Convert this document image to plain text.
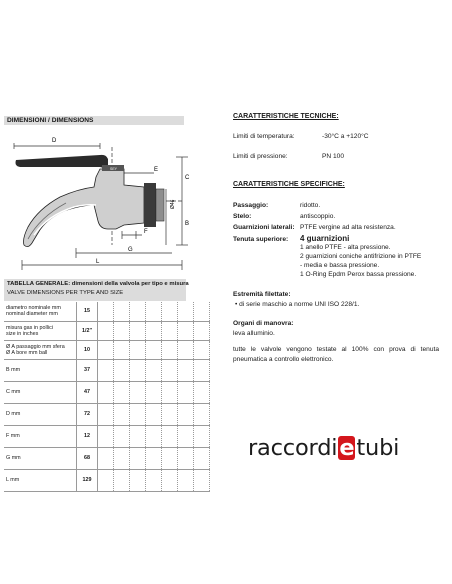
DIMENSIONI / DIMENSIONS
SEY
D
E
C
B
F
G
L
Ø46
TABELLA GENERALE: dimensioni della valvola per tipo e misura
VALVE DIMENSIONS PER TYPE AND SIZE
diametro nominale mm
nominal diameter mm	15							

misura gas in pollici
size in inches	1/2"							

Ø A passaggio mm sfera
Ø A bore mm ball	10							
B mm	37							
C mm	47							
D mm	72							
F mm	12							
G mm	68							
L mm	129							
CARATTERISTICHE TECNICHE:
Limiti di temperatura:	-30°C a +120°C
Limiti di pressione:	PN 100
CARATTERISTICHE SPECIFICHE:
Passaggio:	ridotto.
Stelo:	antiscoppio.
Guarnizioni laterali: PTFE vergine ad alta resistenza.
Tenuta superiore: 4 guarnizioni
1 anello PTFE - alta pressione.
2 guarnizioni coniche antifrizione in PTFE
- media e bassa pressione.
1 O-Ring Epdm Perox bassa pressione.
Estremità filettate:
• di serie maschio a norme UNI ISO 228/1.
Organi di manovra:
leva alluminio.
tutte le valvole vengono testate al 100% con prova di tenuta pneumatica a controllo elettronico.
raccordietubi
